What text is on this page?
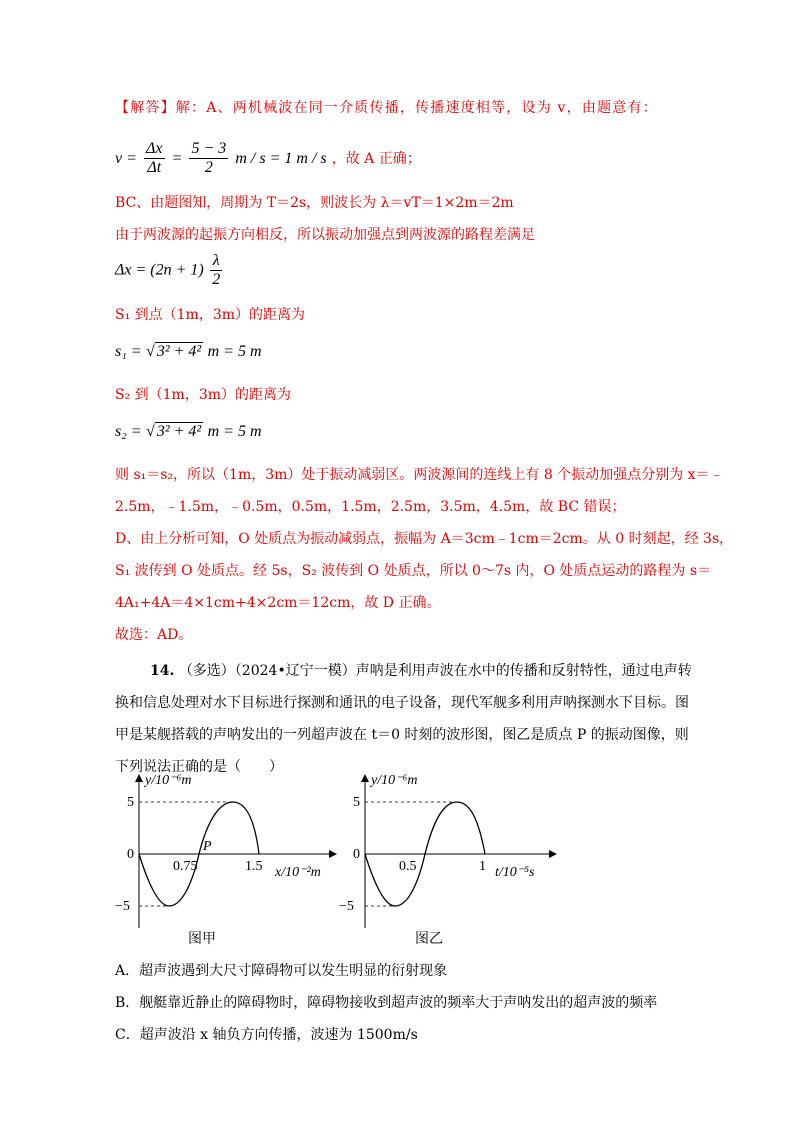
【解答】解：A、两机械波在同一介质传播，传播速度相等，设为 v，由题意有：
$v = \frac{\Delta x}{\Delta t} = \frac{5 - 3}{2}$ m / s = 1 m / s ，故 A 正确；
BC、由题图知，周期为 T＝2s，则波长为 λ＝vT＝1×2m＝2m
由于两波源的起振方向相反，所以振动加强点到两波源的路程差满足
$\Delta x = (2n + 1) \frac{\lambda}{2}$
S₁ 到点（1m，3m）的距离为
s₁ = √ 3² + 4² m = 5 m
S₂ 到（1m，3m）的距离为
s₂ = √ 3² + 4² m = 5 m
则 s₁＝s₂，所以（1m，3m）处于振动减弱区。两波源间的连线上有 8 个振动加强点分别为 x＝﹣
2.5m，﹣1.5m，﹣0.5m，0.5m，1.5m，2.5m，3.5m，4.5m，故 BC 错误；
D、由上分析可知，O 处质点为振动减弱点，振幅为 A＝3cm﹣1cm＝2cm。从 0 时刻起，经 3s，
S₁ 波传到 O 处质点。经 5s，S₂ 波传到 O 处质点，所以 0～7s 内，O 处质点运动的路程为 s＝
4A₁+4A＝4×1cm+4×2cm＝12cm，故 D 正确。
故选：AD。
14. （多选）（2024•辽宁一模）声呐是利用声波在水中的传播和反射特性，通过电声转
换和信息处理对水下目标进行探测和通讯的电子设备，现代军舰多利用声呐探测水下目标。图
甲是某舰搭载的声呐发出的一列超声波在 t＝0 时刻的波形图，图乙是质点 P 的振动图像，则
下列说法正确的是（　　）
y/10⁻⁶m
5
0
−5
0.75
P
1.5 x/10⁻²m
图甲
y/10⁻⁶m
5
0
−5
0.5	1 t/10⁻⁵s
图乙
A．超声波遇到大尺寸障碍物可以发生明显的衍射现象
B．舰艇靠近静止的障碍物时，障碍物接收到超声波的频率大于声呐发出的超声波的频率
C．超声波沿 x 轴负方向传播，波速为 1500m/s
